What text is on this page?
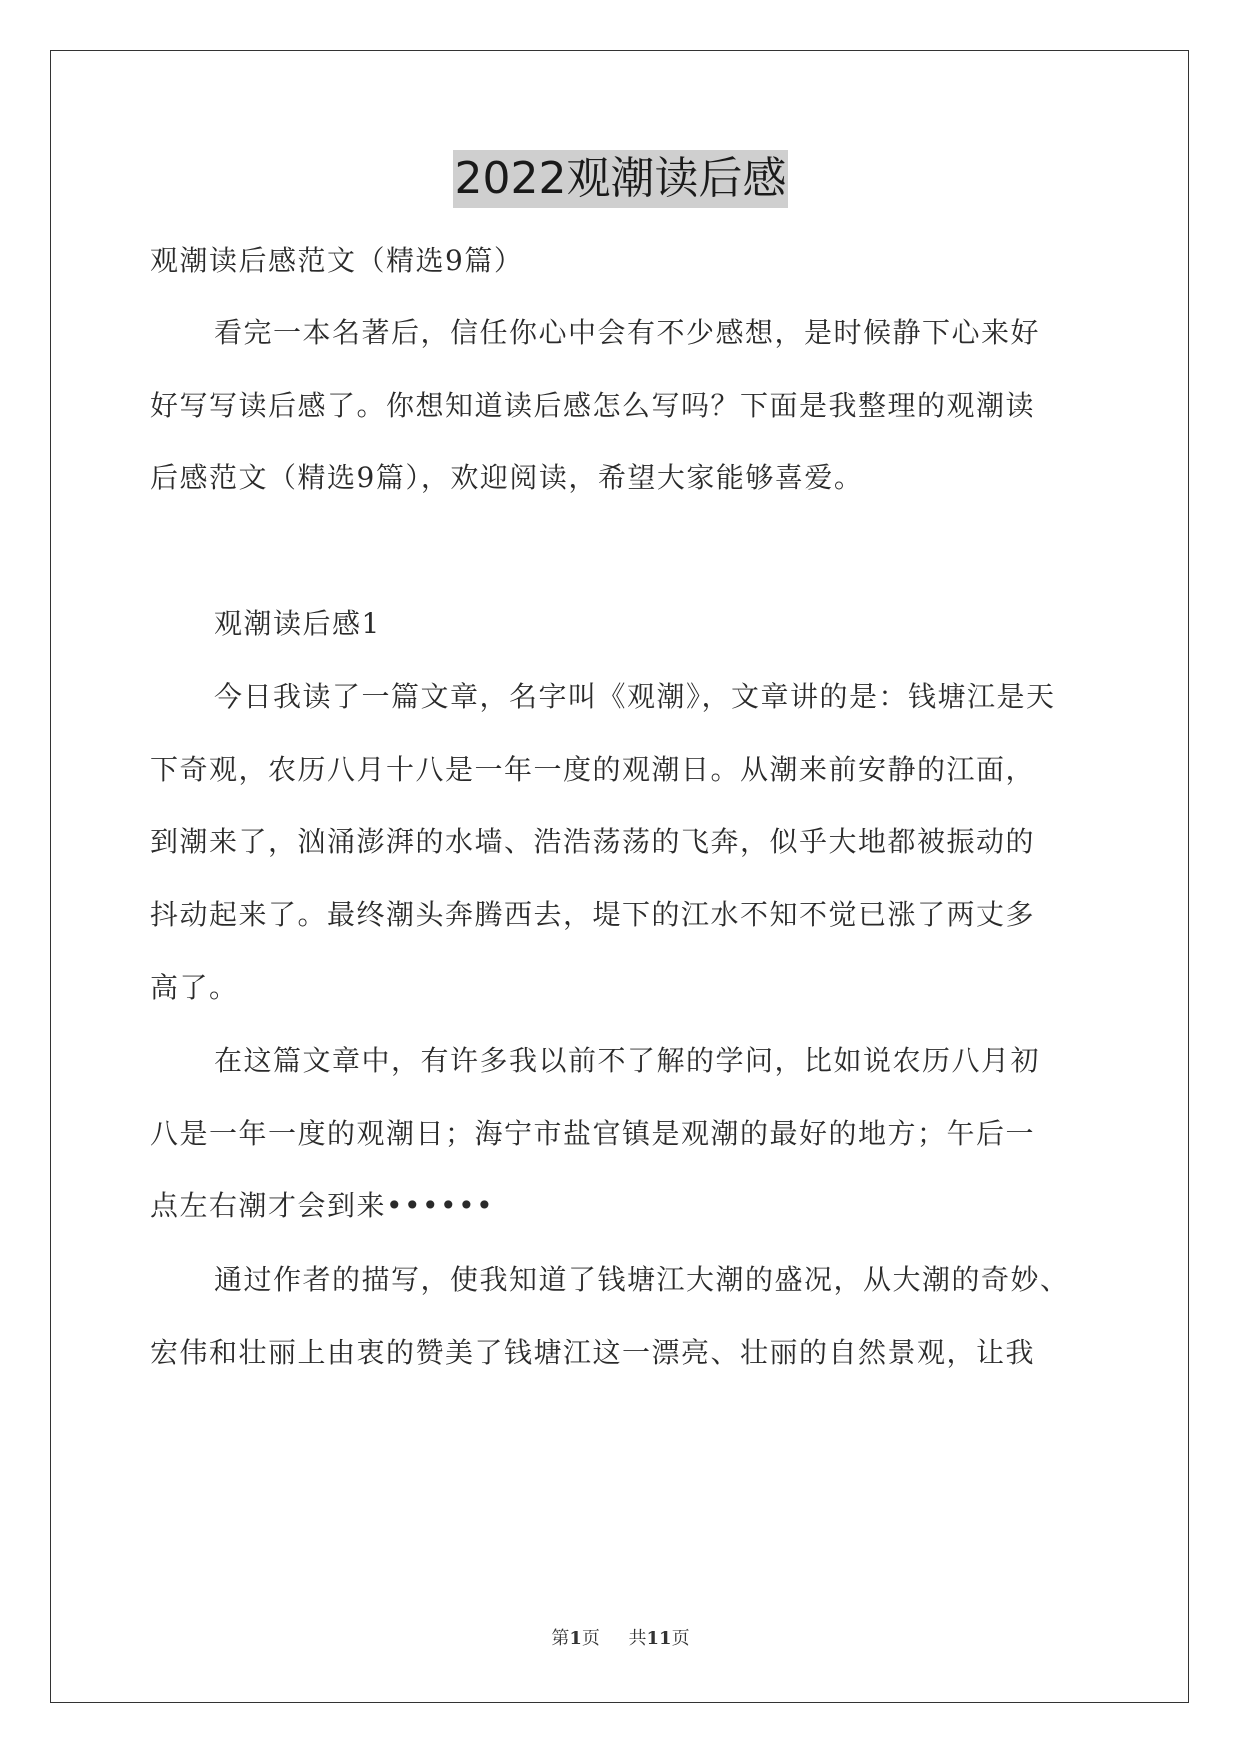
2022观潮读后感
观潮读后感范文（精选9篇）
看完一本名著后，信任你心中会有不少感想，是时候静下心来好
好写写读后感了。你想知道读后感怎么写吗？下面是我整理的观潮读
后感范文（精选9篇），欢迎阅读，希望大家能够喜爱。
观潮读后感1
今日我读了一篇文章，名字叫《观潮》，文章讲的是：钱塘江是天
下奇观，农历八月十八是一年一度的观潮日。从潮来前安静的江面，
到潮来了，汹涌澎湃的水墙、浩浩荡荡的飞奔，似乎大地都被振动的
抖动起来了。最终潮头奔腾西去，堤下的江水不知不觉已涨了两丈多
高了。
在这篇文章中，有许多我以前不了解的学问，比如说农历八月初
八是一年一度的观潮日；海宁市盐官镇是观潮的最好的地方；午后一
点左右潮才会到来••••••
通过作者的描写，使我知道了钱塘江大潮的盛况，从大潮的奇妙、
宏伟和壮丽上由衷的赞美了钱塘江这一漂亮、壮丽的自然景观，让我
第1页 共11页
